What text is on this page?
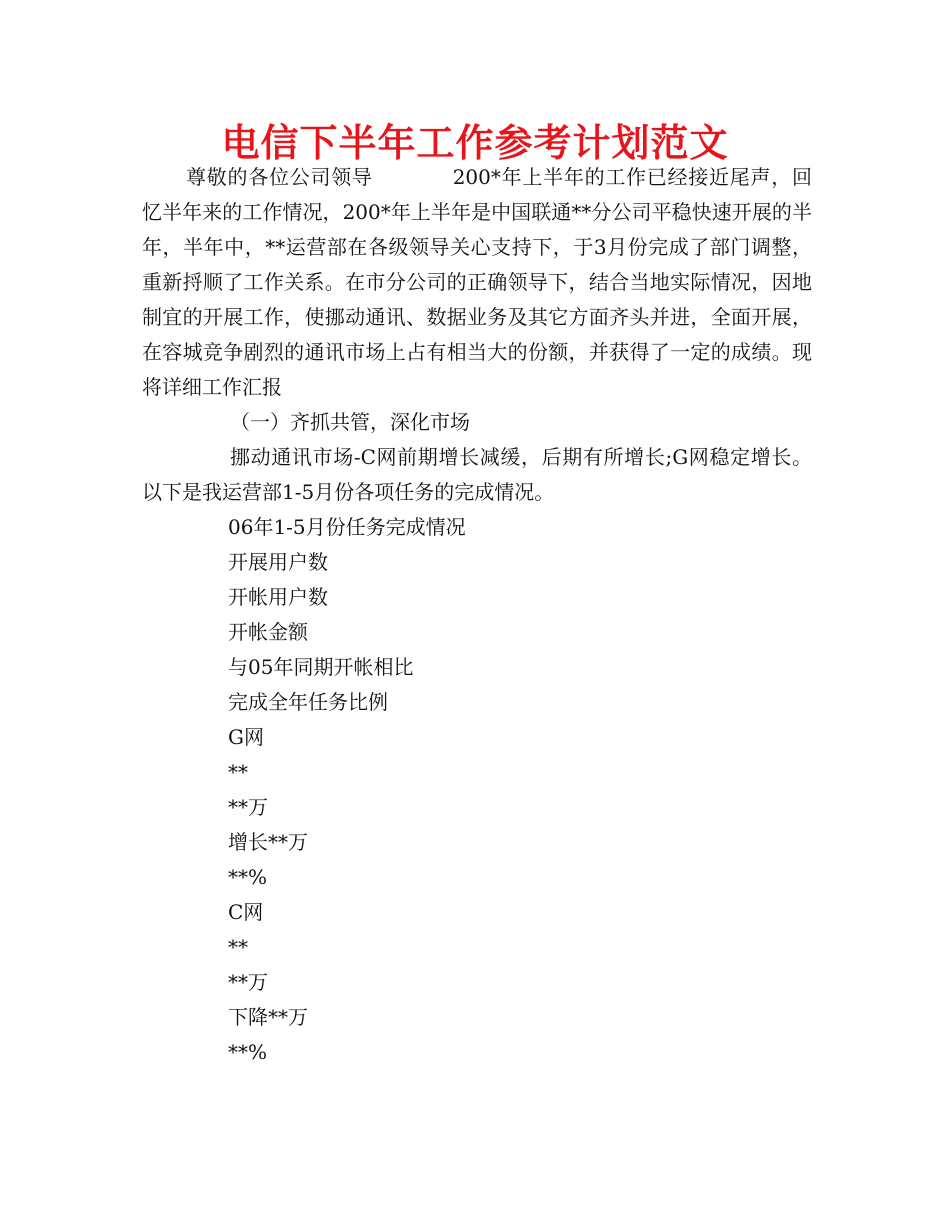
电信下半年工作参考计划范文

尊敬的各位公司领导	200*年上半年的工作已经接近尾声，回忆半年来的工作情况，200*年上半年是中国联通**分公司平稳快速开展的半年，半年中，**运营部在各级领导关心支持下，于3月份完成了部门调整，重新捋顺了工作关系。在市分公司的正确领导下，结合当地实际情况，因地制宜的开展工作，使挪动通讯、数据业务及其它方面齐头并进，全面开展，在容城竞争剧烈的通讯市场上占有相当大的份额，并获得了一定的成绩。现将详细工作汇报

（一）齐抓共管，深化市场

挪动通讯市场-C网前期增长减缓，后期有所增长;G网稳定增长。以下是我运营部1-5月份各项任务的完成情况。

06年1-5月份任务完成情况

开展用户数

开帐用户数

开帐金额

与05年同期开帐相比

完成全年任务比例

G网

**

**万

增长**万

**%

C网

**

**万

下降**万

**%
